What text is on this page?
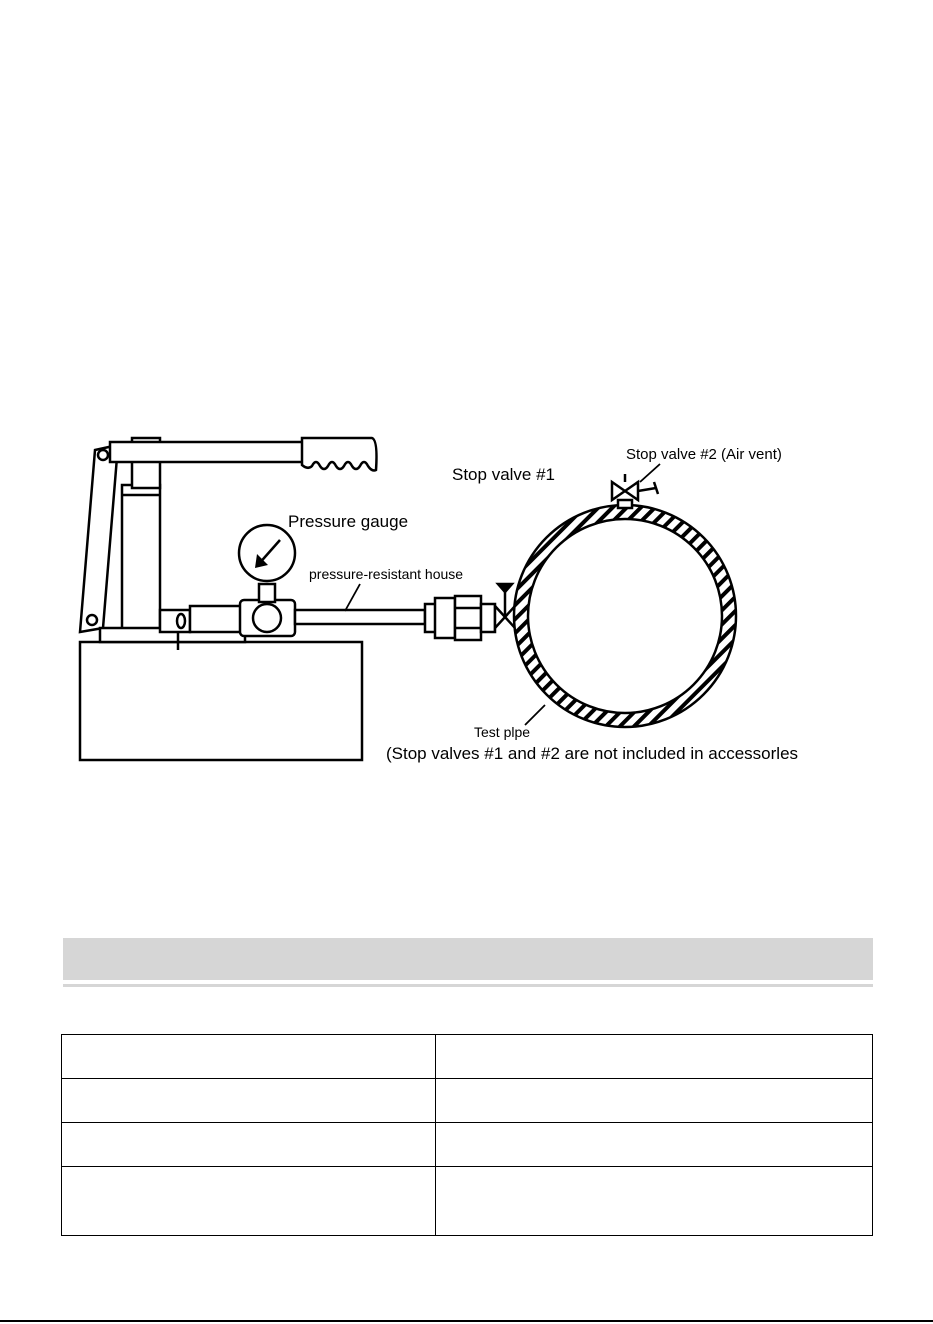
Pressure gauge
pressure-resistant house
Stop valve #1
Stop valve #2 (Air vent)
Test plpe
(Stop valves #1 and #2 are not included in accessorles
